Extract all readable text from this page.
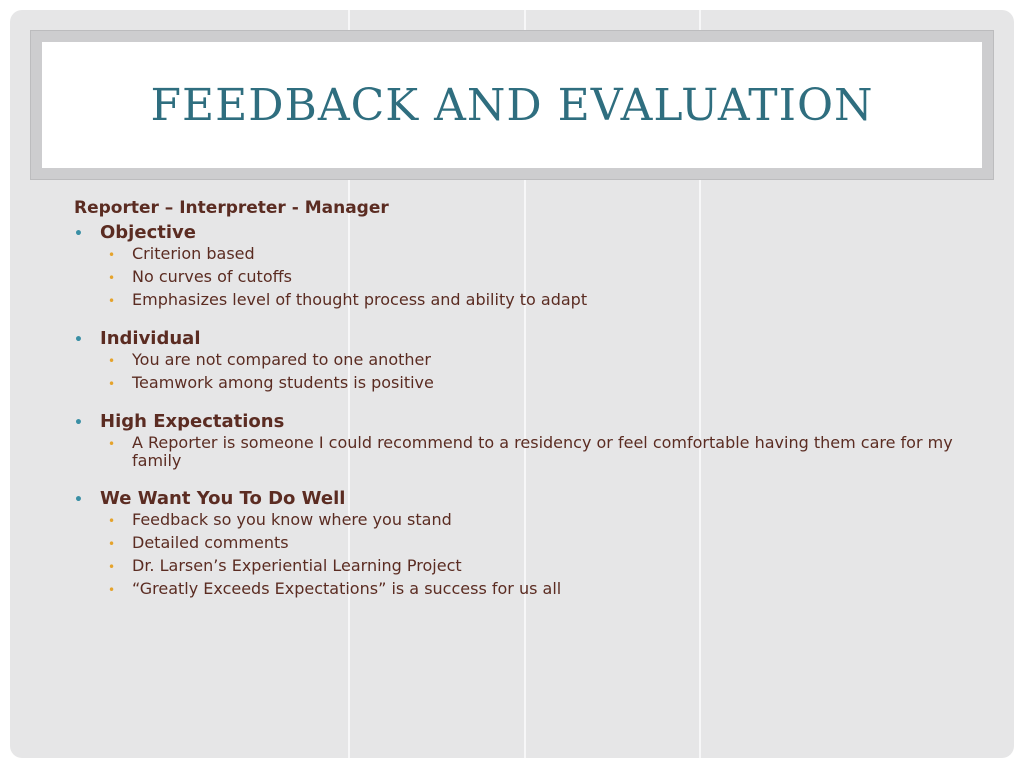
FEEDBACK AND EVALUATION
Reporter – Interpreter - Manager
• Objective
•	Criterion based
•	No curves of cutoffs
•	Emphasizes level of thought process and ability to adapt
• Individual
•	You are not compared to one another
•	Teamwork among students is positive
• High Expectations
•	A Reporter is someone I could recommend to a residency or feel comfortable having them care for my family
• We Want You To Do Well
•	Feedback so you know where you stand
•	Detailed comments
•	Dr. Larsen’s Experiential Learning Project
•	“Greatly Exceeds Expectations” is a success for us all
